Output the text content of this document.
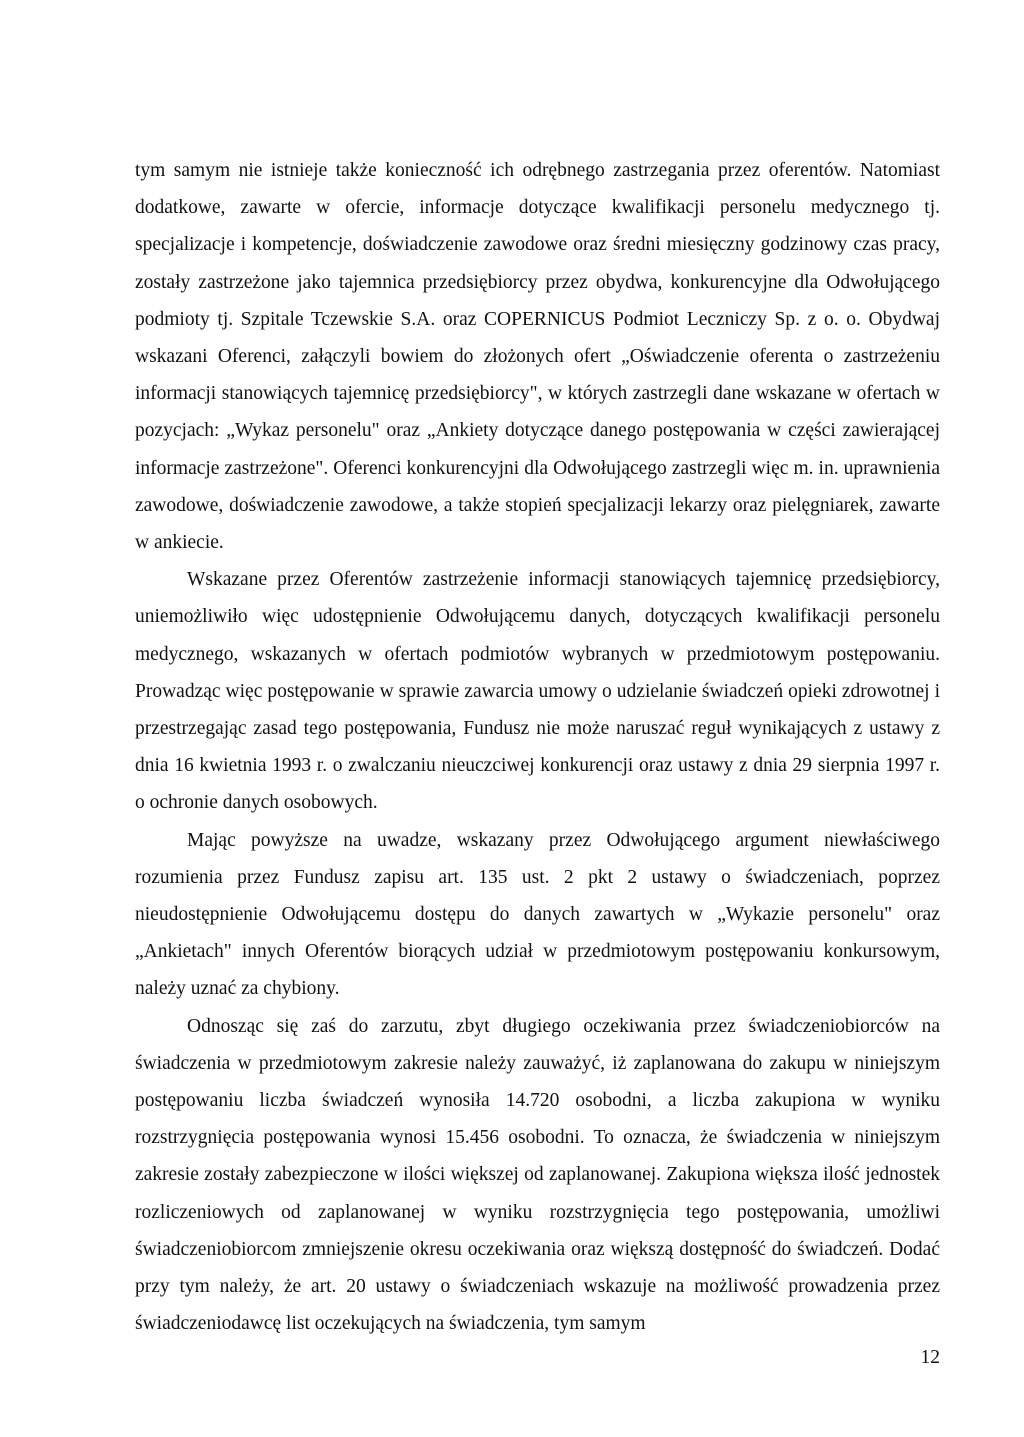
tym samym nie istnieje także konieczność ich odrębnego zastrzegania przez oferentów. Natomiast dodatkowe, zawarte w ofercie, informacje dotyczące kwalifikacji personelu medycznego tj. specjalizacje i kompetencje, doświadczenie zawodowe oraz średni miesięczny godzinowy czas pracy, zostały zastrzeżone jako tajemnica przedsiębiorcy przez obydwa, konkurencyjne dla Odwołującego podmioty tj. Szpitale Tczewskie S.A. oraz COPERNICUS Podmiot Leczniczy Sp. z o. o. Obydwaj wskazani Oferenci, załączyli bowiem do złożonych ofert „Oświadczenie oferenta o zastrzeżeniu informacji stanowiących tajemnicę przedsiębiorcy", w których zastrzegli dane wskazane w ofertach w pozycjach: „Wykaz personelu" oraz „Ankiety dotyczące danego postępowania w części zawierającej informacje zastrzeżone". Oferenci konkurencyjni dla Odwołującego zastrzegli więc m. in. uprawnienia zawodowe, doświadczenie zawodowe, a także stopień specjalizacji lekarzy oraz pielęgniarek, zawarte w ankiecie.

Wskazane przez Oferentów zastrzeżenie informacji stanowiących tajemnicę przedsiębiorcy, uniemożliwiło więc udostępnienie Odwołującemu danych, dotyczących kwalifikacji personelu medycznego, wskazanych w ofertach podmiotów wybranych w przedmiotowym postępowaniu. Prowadząc więc postępowanie w sprawie zawarcia umowy o udzielanie świadczeń opieki zdrowotnej i przestrzegając zasad tego postępowania, Fundusz nie może naruszać reguł wynikających z ustawy z dnia 16 kwietnia 1993 r. o zwalczaniu nieuczciwej konkurencji oraz ustawy z dnia 29 sierpnia 1997 r. o ochronie danych osobowych.

Mając powyższe na uwadze, wskazany przez Odwołującego argument niewłaściwego rozumienia przez Fundusz zapisu art. 135 ust. 2 pkt 2 ustawy o świadczeniach, poprzez nieudostępnienie Odwołującemu dostępu do danych zawartych w „Wykazie personelu" oraz „Ankietach" innych Oferentów biorących udział w przedmiotowym postępowaniu konkursowym, należy uznać za chybiony.

Odnosząc się zaś do zarzutu, zbyt długiego oczekiwania przez świadczeniobiorców na świadczenia w przedmiotowym zakresie należy zauważyć, iż zaplanowana do zakupu w niniejszym postępowaniu liczba świadczeń wynosiła 14.720 osobodni, a liczba zakupiona w wyniku rozstrzygnięcia postępowania wynosi 15.456 osobodni. To oznacza, że świadczenia w niniejszym zakresie zostały zabezpieczone w ilości większej od zaplanowanej. Zakupiona większa ilość jednostek rozliczeniowych od zaplanowanej w wyniku rozstrzygnięcia tego postępowania, umożliwi świadczeniobiorcom zmniejszenie okresu oczekiwania oraz większą dostępność do świadczeń. Dodać przy tym należy, że art. 20 ustawy o świadczeniach wskazuje na możliwość prowadzenia przez świadczeniodawcę list oczekujących na świadczenia, tym samym

12
